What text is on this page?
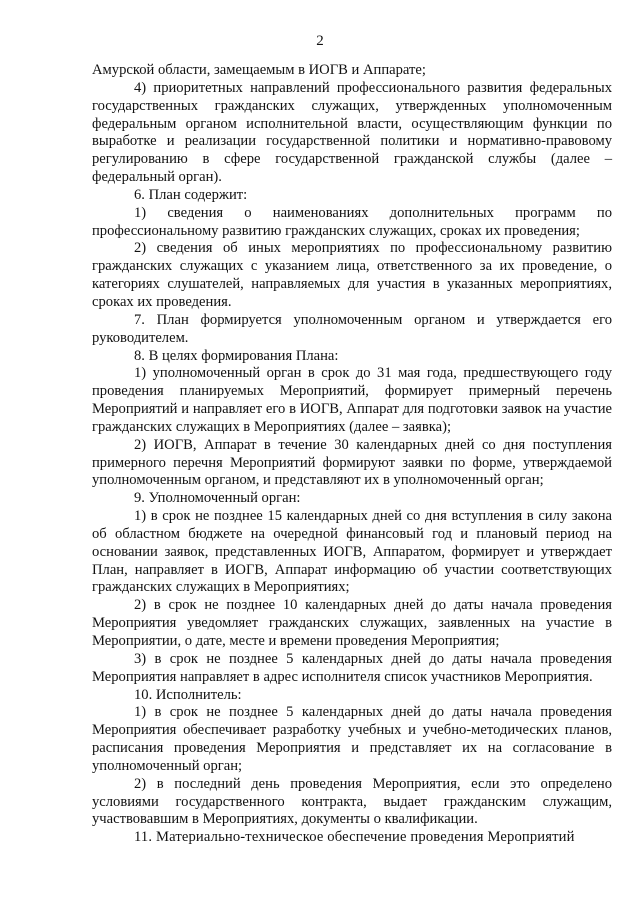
2

Амурской области, замещаемым в ИОГВ и Аппарате;

4) приоритетных направлений профессионального развития федеральных государственных гражданских служащих, утвержденных уполномоченным федеральным органом исполнительной власти, осуществляющим функции по выработке и реализации государственной политики и нормативно-правовому регулированию в сфере государственной гражданской службы (далее – федеральный орган).

6. План содержит:

1) сведения о наименованиях дополнительных программ по профессиональному развитию гражданских служащих, сроках их проведения;

2) сведения об иных мероприятиях по профессиональному развитию гражданских служащих с указанием лица, ответственного за их проведение, о категориях слушателей, направляемых для участия в указанных мероприятиях, сроках их проведения.

7. План формируется уполномоченным органом и утверждается его руководителем.

8. В целях формирования Плана:

1) уполномоченный орган в срок до 31 мая года, предшествующего году проведения планируемых Мероприятий, формирует примерный перечень Мероприятий и направляет его в ИОГВ, Аппарат для подготовки заявок на участие гражданских служащих в Мероприятиях (далее – заявка);

2) ИОГВ, Аппарат в течение 30 календарных дней со дня поступления примерного перечня Мероприятий формируют заявки по форме, утверждаемой уполномоченным органом, и представляют их в уполномоченный орган;

9. Уполномоченный орган:

1) в срок не позднее 15 календарных дней со дня вступления в силу закона об областном бюджете на очередной финансовый год и плановый период на основании заявок, представленных ИОГВ, Аппаратом, формирует и утверждает План, направляет в ИОГВ, Аппарат информацию об участии соответствующих гражданских служащих в Мероприятиях;

2) в срок не позднее 10 календарных дней до даты начала проведения Мероприятия уведомляет гражданских служащих, заявленных на участие в Мероприятии, о дате, месте и времени проведения Мероприятия;

3) в срок не позднее 5 календарных дней до даты начала проведения Мероприятия направляет в адрес исполнителя список участников Мероприятия.

10. Исполнитель:

1) в срок не позднее 5 календарных дней до даты начала проведения Мероприятия обеспечивает разработку учебных и учебно-методических планов, расписания проведения Мероприятия и представляет их на согласование в уполномоченный орган;

2) в последний день проведения Мероприятия, если это определено условиями государственного контракта, выдает гражданским служащим, участвовавшим в Мероприятиях, документы о квалификации.

11. Материально-техническое обеспечение проведения Мероприятий
